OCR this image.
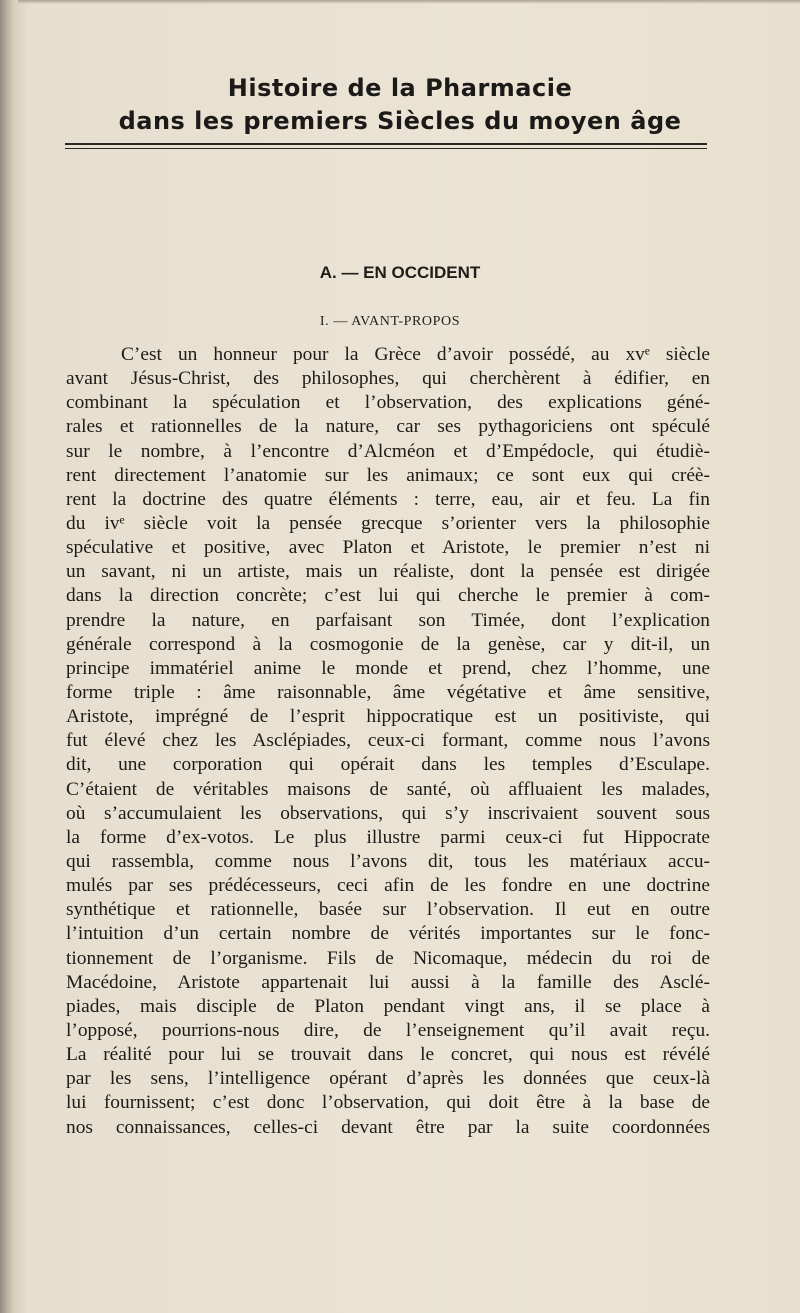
Histoire de la Pharmacie
dans les premiers Siècles du moyen âge
A. — EN OCCIDENT
I. — AVANT-PROPOS
C’est un honneur pour la Grèce d’avoir possédé, au xvᵉ siècle
avant Jésus-Christ, des philosophes, qui cherchèrent à édifier, en
combinant la spéculation et l’observation, des explications géné-
rales et rationnelles de la nature, car ses pythagoriciens ont spéculé
sur le nombre, à l’encontre d’Alcméon et d’Empédocle, qui étudiè-
rent directement l’anatomie sur les animaux; ce sont eux qui créè-
rent la doctrine des quatre éléments : terre, eau, air et feu. La fin
du ivᵉ siècle voit la pensée grecque s’orienter vers la philosophie
spéculative et positive, avec Platon et Aristote, le premier n’est ni
un savant, ni un artiste, mais un réaliste, dont la pensée est dirigée
dans la direction concrète; c’est lui qui cherche le premier à com-
prendre la nature, en parfaisant son Timée, dont l’explication
générale correspond à la cosmogonie de la genèse, car y dit-il, un
principe immatériel anime le monde et prend, chez l’homme, une
forme triple : âme raisonnable, âme végétative et âme sensitive,
Aristote, imprégné de l’esprit hippocratique est un positiviste, qui
fut élevé chez les Asclépiades, ceux-ci formant, comme nous l’avons
dit, une corporation qui opérait dans les temples d’Esculape.
C’étaient de véritables maisons de santé, où affluaient les malades,
où s’accumulaient les observations, qui s’y inscrivaient souvent sous
la forme d’ex-votos. Le plus illustre parmi ceux-ci fut Hippocrate
qui rassembla, comme nous l’avons dit, tous les matériaux accu-
mulés par ses prédécesseurs, ceci afin de les fondre en une doctrine
synthétique et rationnelle, basée sur l’observation. Il eut en outre
l’intuition d’un certain nombre de vérités importantes sur le fonc-
tionnement de l’organisme. Fils de Nicomaque, médecin du roi de
Macédoine, Aristote appartenait lui aussi à la famille des Asclé-
piades, mais disciple de Platon pendant vingt ans, il se place à
l’opposé, pourrions-nous dire, de l’enseignement qu’il avait reçu.
La réalité pour lui se trouvait dans le concret, qui nous est révélé
par les sens, l’intelligence opérant d’après les données que ceux-là
lui fournissent; c’est donc l’observation, qui doit être à la base de
nos connaissances, celles-ci devant être par la suite coordonnées
